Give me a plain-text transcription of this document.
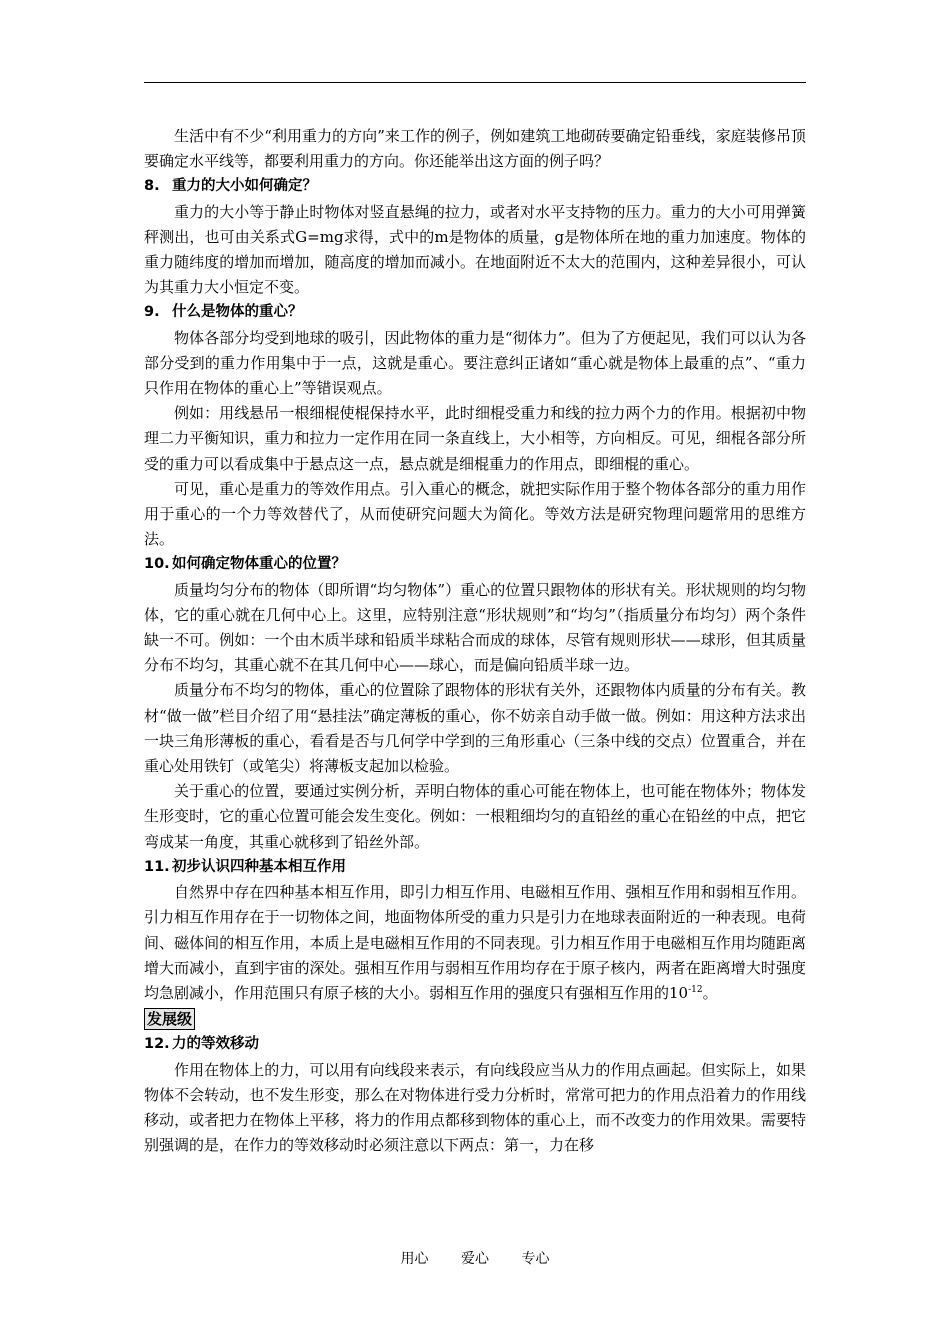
生活中有不少“利用重力的方向”来工作的例子，例如建筑工地砌砖要确定铅垂线，家庭装修吊顶要确定水平线等，都要利用重力的方向。你还能举出这方面的例子吗？

8. 重力的大小如何确定？

重力的大小等于静止时物体对竖直悬绳的拉力，或者对水平支持物的压力。重力的大小可用弹簧秤测出，也可由关系式G=mg求得，式中的m是物体的质量，g是物体所在地的重力加速度。物体的重力随纬度的增加而增加，随高度的增加而减小。在地面附近不太大的范围内，这种差异很小，可认为其重力大小恒定不变。

9. 什么是物体的重心？

物体各部分均受到地球的吸引，因此物体的重力是“彻体力”。但为了方便起见，我们可以认为各部分受到的重力作用集中于一点，这就是重心。要注意纠正诸如“重心就是物体上最重的点”、“重力只作用在物体的重心上”等错误观点。

例如：用线悬吊一根细棍使棍保持水平，此时细棍受重力和线的拉力两个力的作用。根据初中物理二力平衡知识，重力和拉力一定作用在同一条直线上，大小相等，方向相反。可见，细棍各部分所受的重力可以看成集中于悬点这一点，悬点就是细棍重力的作用点，即细棍的重心。

可见，重心是重力的等效作用点。引入重心的概念，就把实际作用于整个物体各部分的重力用作用于重心的一个力等效替代了，从而使研究问题大为简化。等效方法是研究物理问题常用的思维方法。

10. 如何确定物体重心的位置？

质量均匀分布的物体（即所谓“均匀物体”）重心的位置只跟物体的形状有关。形状规则的均匀物体，它的重心就在几何中心上。这里，应特别注意“形状规则”和“均匀”（指质量分布均匀）两个条件缺一不可。例如：一个由木质半球和铅质半球粘合而成的球体，尽管有规则形状——球形，但其质量分布不均匀，其重心就不在其几何中心——球心，而是偏向铅质半球一边。

质量分布不均匀的物体，重心的位置除了跟物体的形状有关外，还跟物体内质量的分布有关。教材“做一做”栏目介绍了用“悬挂法”确定薄板的重心，你不妨亲自动手做一做。例如：用这种方法求出一块三角形薄板的重心，看看是否与几何学中学到的三角形重心（三条中线的交点）位置重合，并在重心处用铁钉（或笔尖）将薄板支起加以检验。

关于重心的位置，要通过实例分析，弄明白物体的重心可能在物体上，也可能在物体外；物体发生形变时，它的重心位置可能会发生变化。例如：一根粗细均匀的直铅丝的重心在铅丝的中点，把它弯成某一角度，其重心就移到了铅丝外部。

11. 初步认识四种基本相互作用

自然界中存在四种基本相互作用，即引力相互作用、电磁相互作用、强相互作用和弱相互作用。引力相互作用存在于一切物体之间，地面物体所受的重力只是引力在地球表面附近的一种表现。电荷间、磁体间的相互作用，本质上是电磁相互作用的不同表现。引力相互作用于电磁相互作用均随距离增大而减小，直到宇宙的深处。强相互作用与弱相互作用均存在于原子核内，两者在距离增大时强度均急剧减小，作用范围只有原子核的大小。弱相互作用的强度只有强相互作用的$10^{-12}$。

发展级

12. 力的等效移动

作用在物体上的力，可以用有向线段来表示，有向线段应当从力的作用点画起。但实际上，如果物体不会转动，也不发生形变，那么在对物体进行受力分析时，常常可把力的作用点沿着力的作用线移动，或者把力在物体上平移，将力的作用点都移到物体的重心上，而不改变力的作用效果。需要特别强调的是，在作力的等效移动时必须注意以下两点：第一，力在移

用心 爱心 专心
